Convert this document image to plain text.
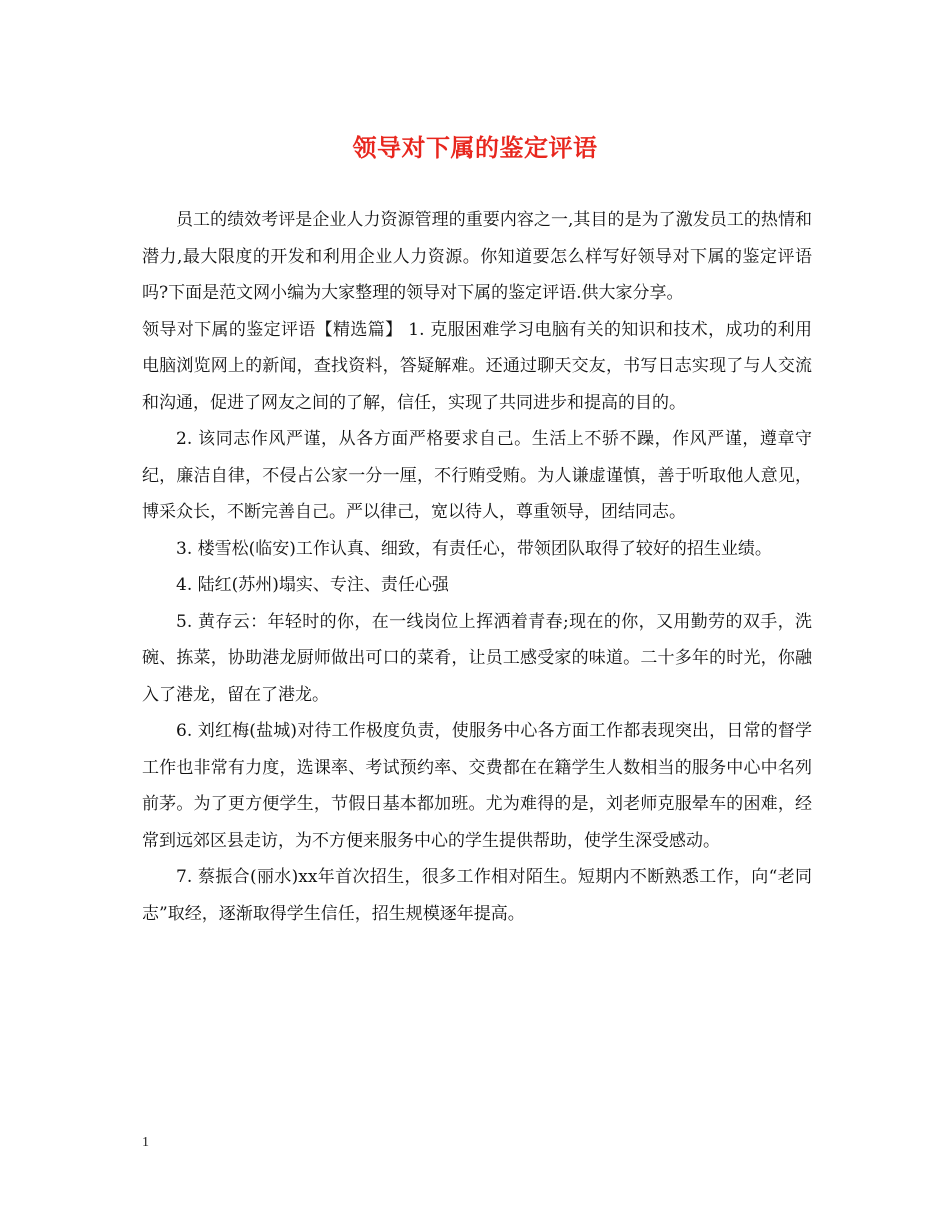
领导对下属的鉴定评语

员工的绩效考评是企业人力资源管理的重要内容之一,其目的是为了激发员工的热情和潜力,最大限度的开发和利用企业人力资源。你知道要怎么样写好领导对下属的鉴定评语吗?下面是范文网小编为大家整理的领导对下属的鉴定评语.供大家分享。

领导对下属的鉴定评语【精选篇】 1. 克服困难学习电脑有关的知识和技术，成功的利用电脑浏览网上的新闻，查找资料，答疑解难。还通过聊天交友，书写日志实现了与人交流和沟通，促进了网友之间的了解，信任，实现了共同进步和提高的目的。

2. 该同志作风严谨，从各方面严格要求自己。生活上不骄不躁，作风严谨，遵章守纪，廉洁自律，不侵占公家一分一厘，不行贿受贿。为人谦虚谨慎，善于听取他人意见，博采众长，不断完善自己。严以律己，宽以待人，尊重领导，团结同志。

3. 楼雪松(临安)工作认真、细致，有责任心，带领团队取得了较好的招生业绩。

4. 陆红(苏州)塌实、专注、责任心强

5. 黄存云：年轻时的你，在一线岗位上挥洒着青春;现在的你，又用勤劳的双手，洗碗、拣菜，协助港龙厨师做出可口的菜肴，让员工感受家的味道。二十多年的时光，你融入了港龙，留在了港龙。

6. 刘红梅(盐城)对待工作极度负责，使服务中心各方面工作都表现突出，日常的督学工作也非常有力度，选课率、考试预约率、交费都在在籍学生人数相当的服务中心中名列前茅。为了更方便学生，节假日基本都加班。尤为难得的是，刘老师克服晕车的困难，经常到远郊区县走访，为不方便来服务中心的学生提供帮助，使学生深受感动。

7. 蔡振合(丽水)xx年首次招生，很多工作相对陌生。短期内不断熟悉工作，向“老同志”取经，逐渐取得学生信任，招生规模逐年提高。

1
